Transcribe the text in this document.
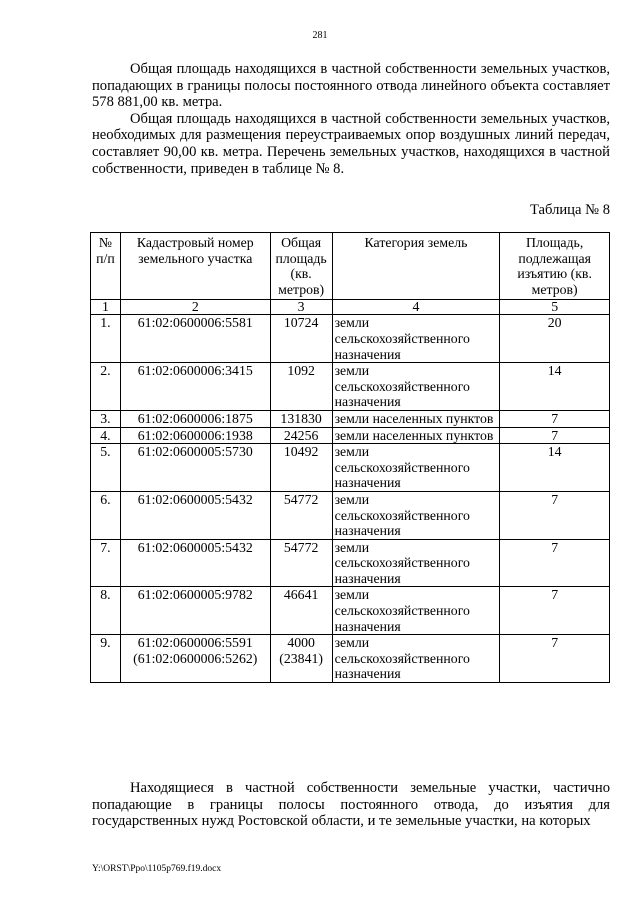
281

Общая площадь находящихся в частной собственности земельных участков, попадающих в границы полосы постоянного отвода линейного объекта составляет 578 881,00 кв. метра.

Общая площадь находящихся в частной собственности земельных участков, необходимых для размещения переустраиваемых опор воздушных линий передач, составляет 90,00 кв. метра. Перечень земельных участков, находящихся в частной собственности, приведен в таблице № 8.

Таблица № 8
№ п/п	Кадастровый номер земельного участка	Общая площадь (кв. метров)	Категория земель	Площадь, подлежащая изъятию (кв. метров)
1	2	3	4	5
1.	61:02:0600006:5581	10724	земли сельскохозяйственного назначения	20
2.	61:02:0600006:3415	1092	земли сельскохозяйственного назначения	14
3.	61:02:0600006:1875	131830	земли населенных пунктов	7
4.	61:02:0600006:1938	24256	земли населенных пунктов	7
5.	61:02:0600005:5730	10492	земли сельскохозяйственного назначения	14
6.	61:02:0600005:5432	54772	земли сельскохозяйственного назначения	7
7.	61:02:0600005:5432	54772	земли сельскохозяйственного назначения	7
8.	61:02:0600005:9782	46641	земли сельскохозяйственного назначения	7
9.	61:02:0600006:5591 (61:02:0600006:5262)	4000 (23841)	земли сельскохозяйственного назначения	7

Находящиеся в частной собственности земельные участки, частично попадающие в границы полосы постоянного отвода, до изъятия для государственных нужд Ростовской области, и те земельные участки, на которых

Y:\ORST\Ppo\1105p769.f19.docx
